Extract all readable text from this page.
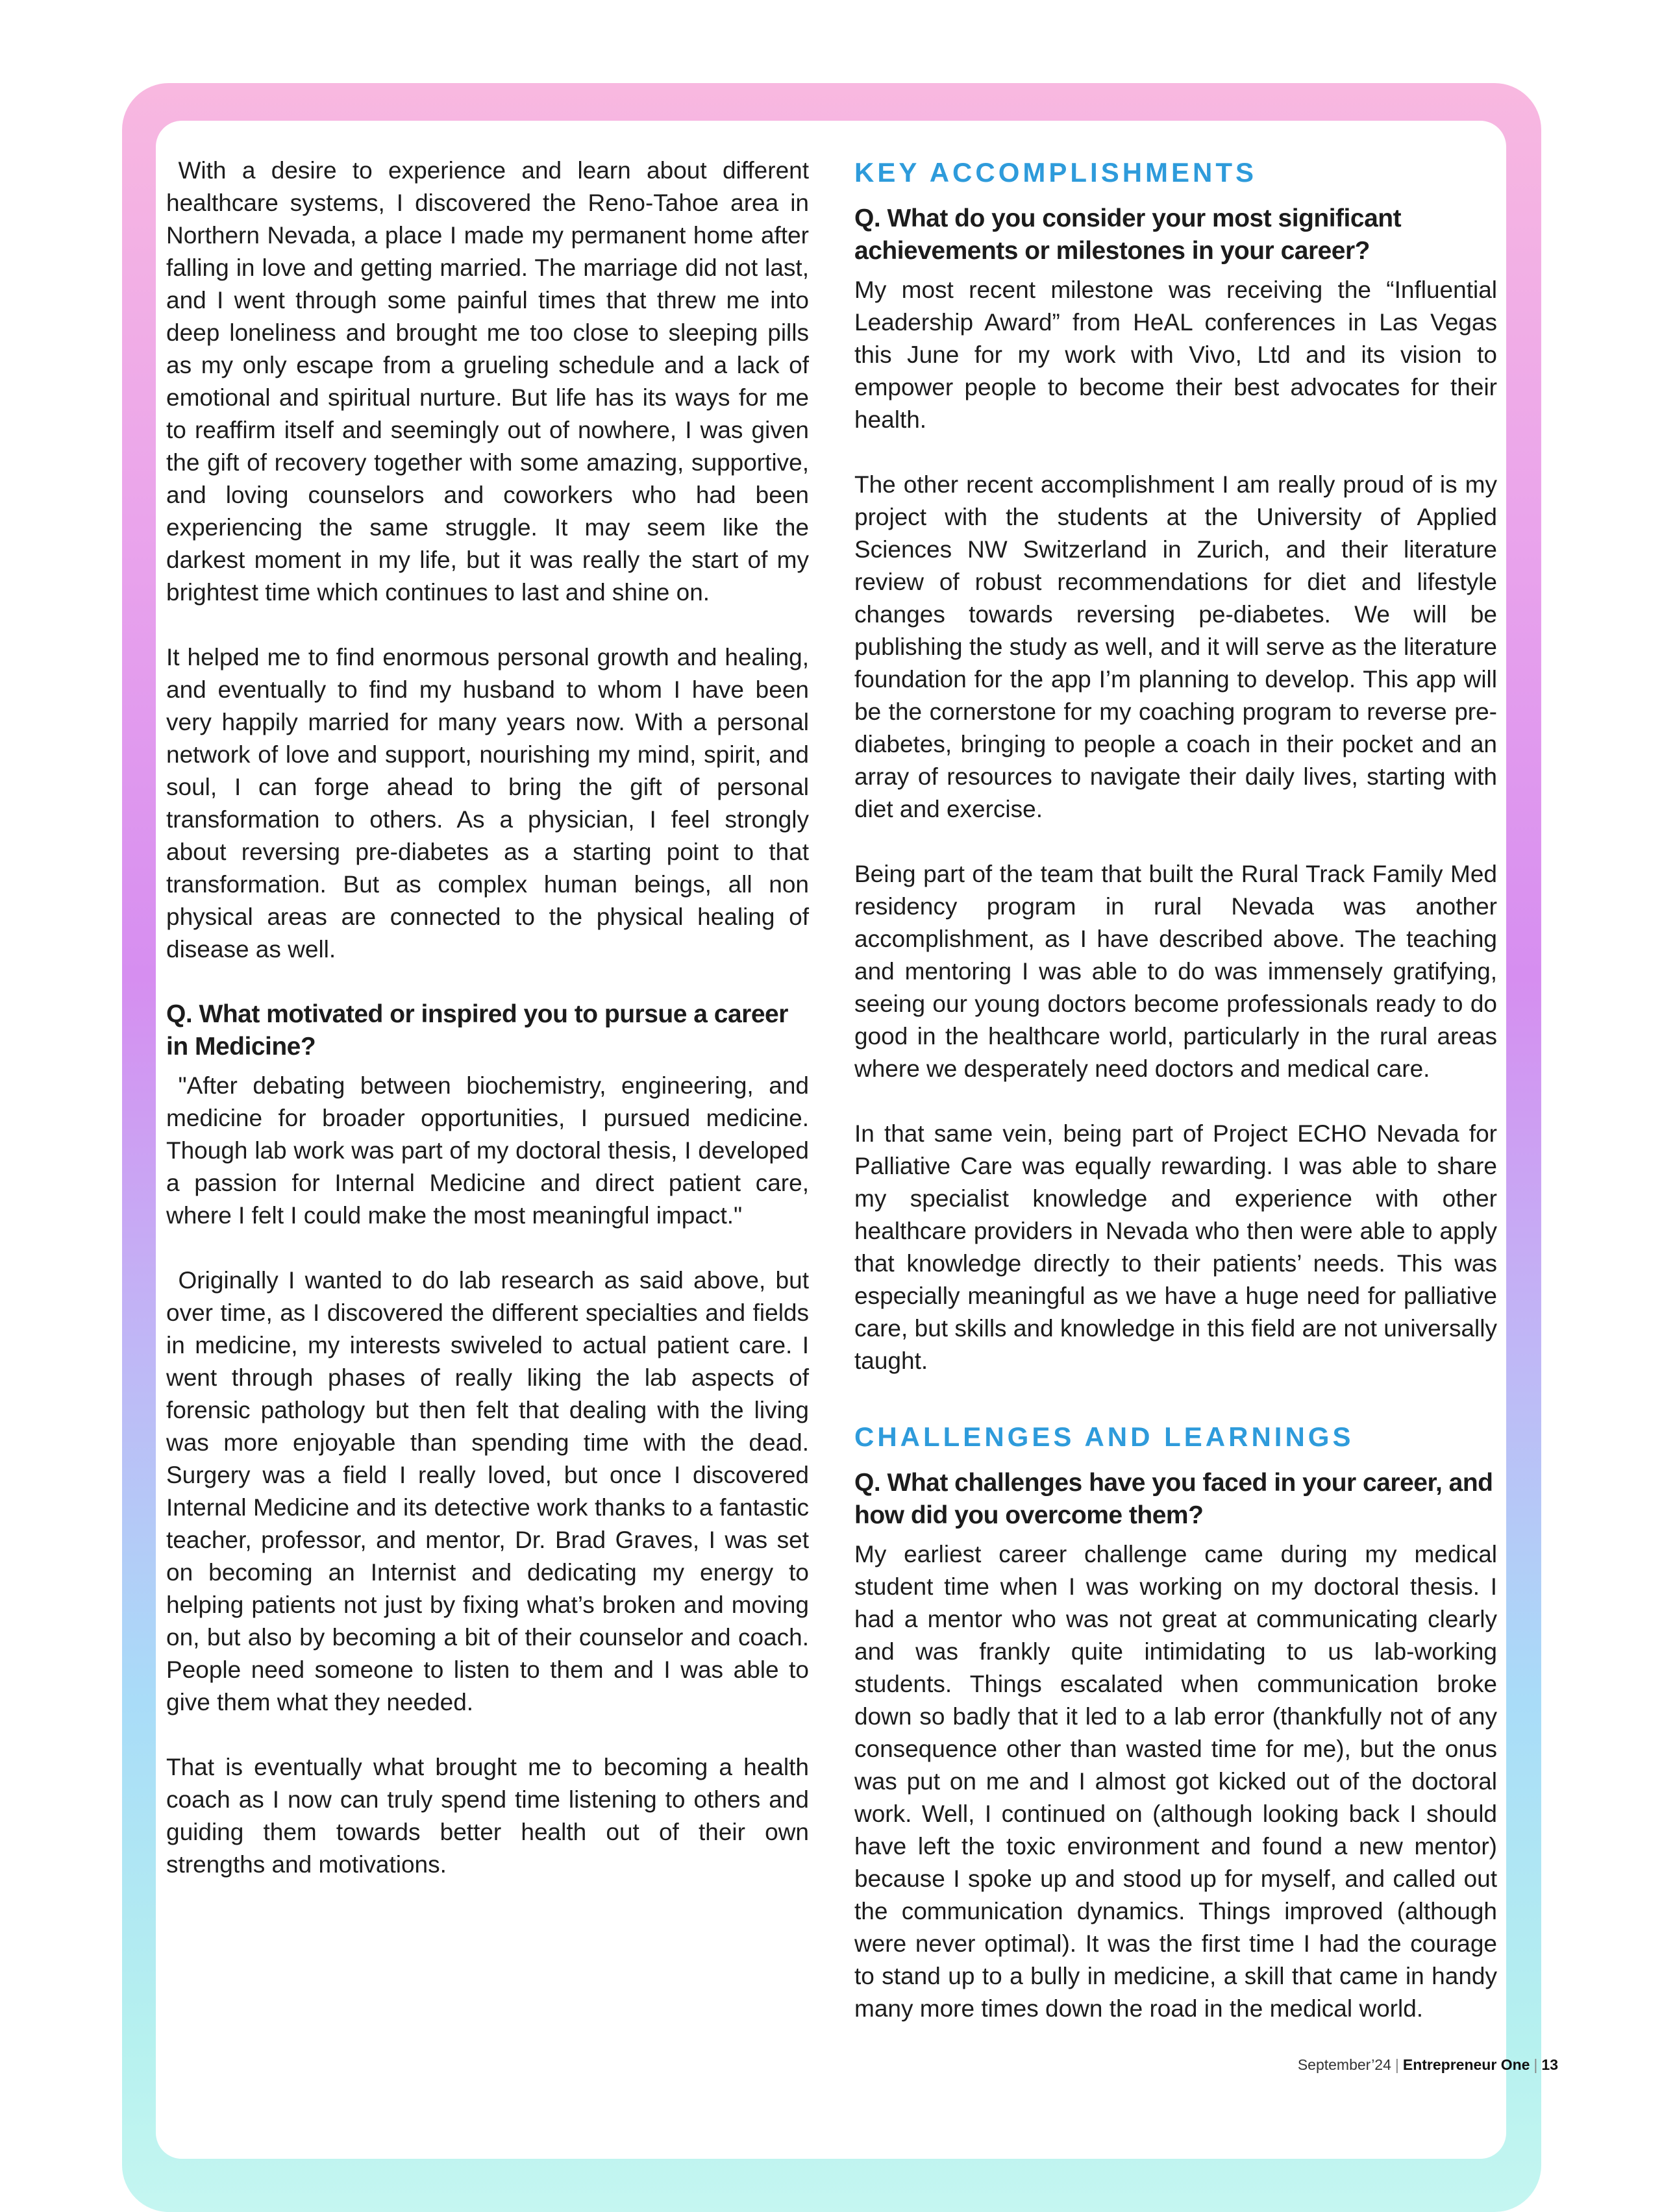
With a desire to experience and learn about different healthcare systems, I discovered the Reno-Tahoe area in Northern Nevada, a place I made my permanent home after falling in love and getting married. The marriage did not last, and I went through some painful times that threw me into deep loneliness and brought me too close to sleeping pills as my only escape from a grueling schedule and a lack of emotional and spiritual nurture. But life has its ways for me to reaffirm itself and seemingly out of nowhere, I was given the gift of recovery together with some amazing, supportive, and loving counselors and coworkers who had been experiencing the same struggle. It may seem like the darkest moment in my life, but it was really the start of my brightest time which continues to last and shine on.

It helped me to find enormous personal growth and healing, and eventually to find my husband to whom I have been very happily married for many years now. With a personal network of love and support, nourishing my mind, spirit, and soul, I can forge ahead to bring the gift of personal transformation to others. As a physician, I feel strongly about reversing pre-diabetes as a starting point to that transformation. But as complex human beings, all non physical areas are connected to the physical healing of disease as well.

Q. What motivated or inspired you to pursue a career in Medicine?

"After debating between biochemistry, engineering, and medicine for broader opportunities, I pursued medicine. Though lab work was part of my doctoral thesis, I developed a passion for Internal Medicine and direct patient care, where I felt I could make the most meaningful impact."

Originally I wanted to do lab research as said above, but over time, as I discovered the different specialties and fields in medicine, my interests swiveled to actual patient care. I went through phases of really liking the lab aspects of forensic pathology but then felt that dealing with the living was more enjoyable than spending time with the dead. Surgery was a field I really loved, but once I discovered Internal Medicine and its detective work thanks to a fantastic teacher, professor, and mentor, Dr. Brad Graves, I was set on becoming an Internist and dedicating my energy to helping patients not just by fixing what’s broken and moving on, but also by becoming a bit of their counselor and coach. People need someone to listen to them and I was able to give them what they needed.

That is eventually what brought me to becoming a health coach as I now can truly spend time listening to others and guiding them towards better health out of their own strengths and motivations.

KEY ACCOMPLISHMENTS
Q. What do you consider your most significant achievements or milestones in your career?

My most recent milestone was receiving the “Influential Leadership Award” from HeAL conferences in Las Vegas this June for my work with Vivo, Ltd and its vision to empower people to become their best advocates for their health.

The other recent accomplishment I am really proud of is my project with the students at the University of Applied Sciences NW Switzerland in Zurich, and their literature review of robust recommendations for diet and lifestyle changes towards reversing pe-diabetes. We will be publishing the study as well, and it will serve as the literature foundation for the app I’m planning to develop. This app will be the cornerstone for my coaching program to reverse pre-diabetes, bringing to people a coach in their pocket and an array of resources to navigate their daily lives, starting with diet and exercise.

Being part of the team that built the Rural Track Family Med residency program in rural Nevada was another accomplishment, as I have described above. The teaching and mentoring I was able to do was immensely gratifying, seeing our young doctors become professionals ready to do good in the healthcare world, particularly in the rural areas where we desperately need doctors and medical care.

In that same vein, being part of Project ECHO Nevada for Palliative Care was equally rewarding. I was able to share my specialist knowledge and experience with other healthcare providers in Nevada who then were able to apply that knowledge directly to their patients’ needs. This was especially meaningful as we have a huge need for palliative care, but skills and knowledge in this field are not universally taught.

CHALLENGES AND LEARNINGS
Q. What challenges have you faced in your career, and how did you overcome them?

My earliest career challenge came during my medical student time when I was working on my doctoral thesis. I had a mentor who was not great at communicating clearly and was frankly quite intimidating to us lab-working students. Things escalated when communication broke down so badly that it led to a lab error (thankfully not of any consequence other than wasted time for me), but the onus was put on me and I almost got kicked out of the doctoral work. Well, I continued on (although looking back I should have left the toxic environment and found a new mentor) because I spoke up and stood up for myself, and called out the communication dynamics. Things improved (although were never optimal). It was the first time I had the courage to stand up to a bully in medicine, a skill that came in handy many more times down the road in the medical world.

September’24 | Entrepreneur One | 13
